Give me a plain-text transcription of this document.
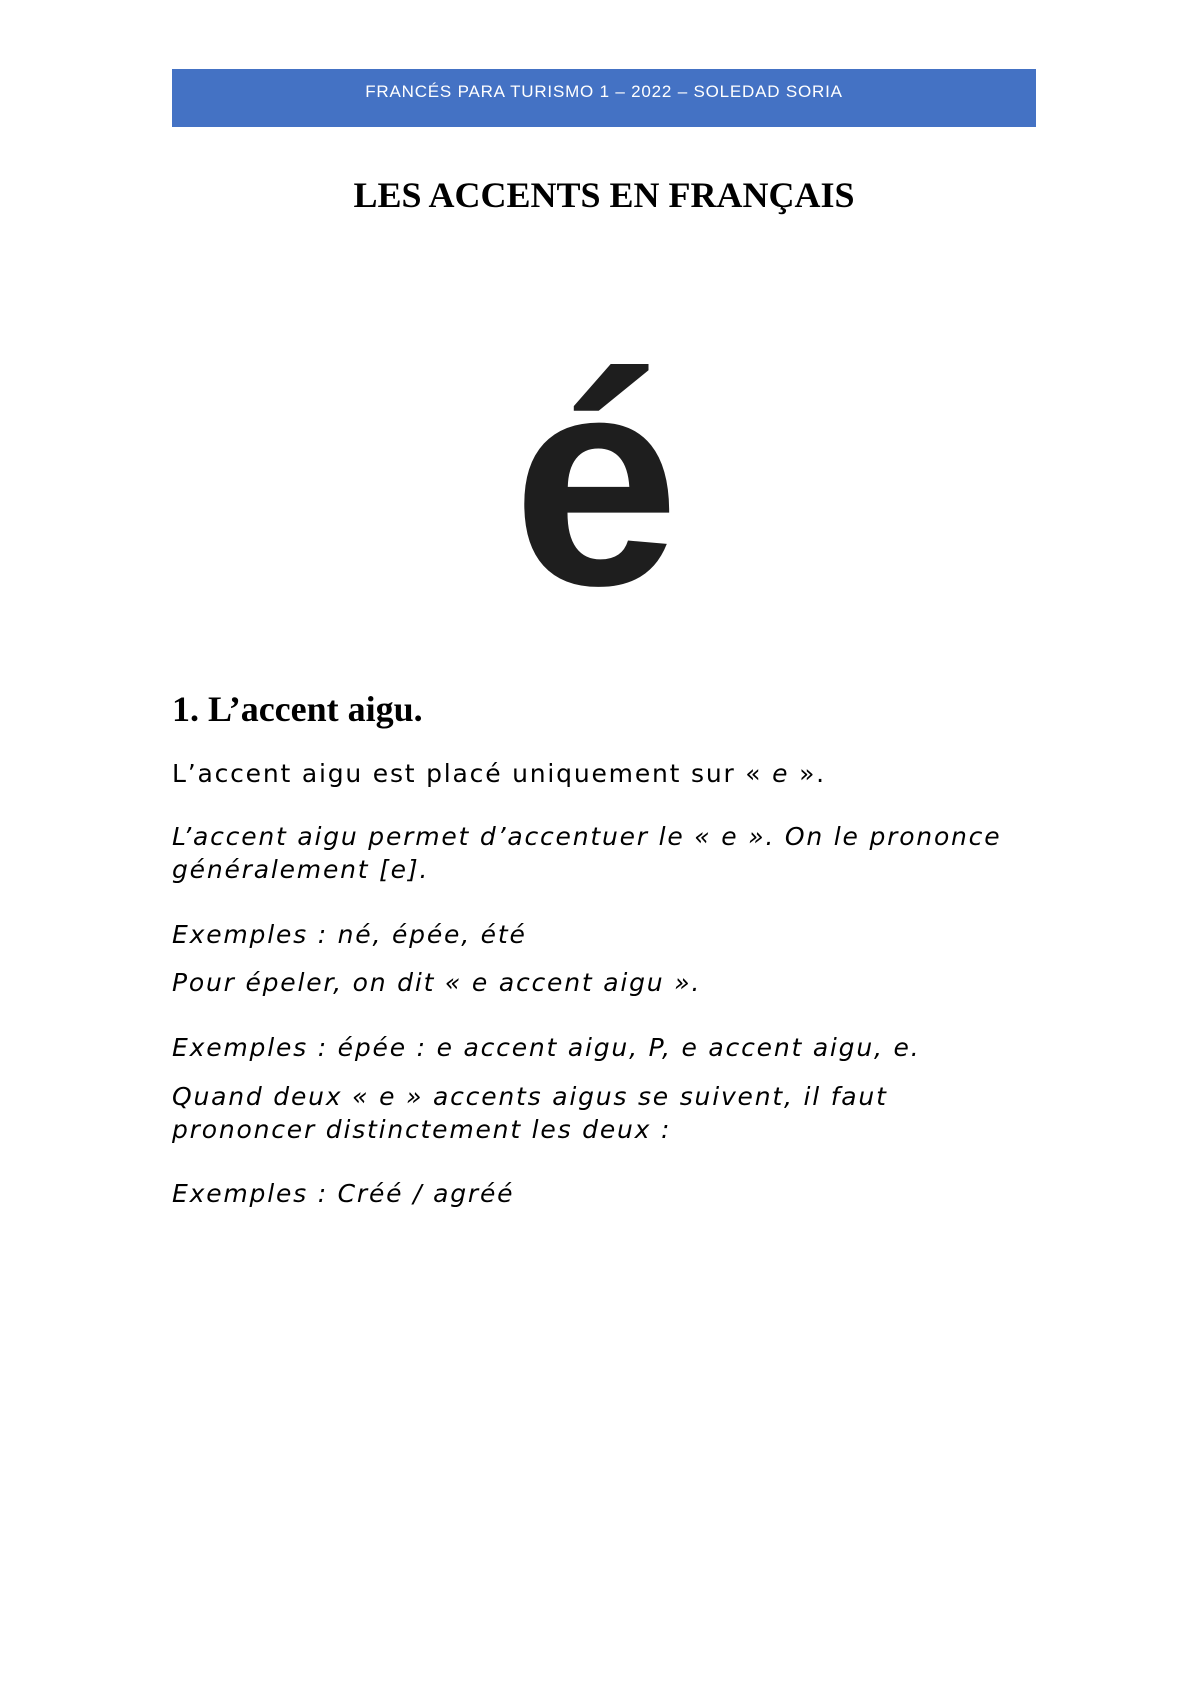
FRANCÉS PARA TURISMO 1 – 2022 – SOLEDAD SORIA
LES ACCENTS EN FRANÇAIS
é
1. L’accent aigu.
L’accent aigu est placé uniquement sur « e ».
L’accent aigu permet d’accentuer le « e ». On le prononce
généralement [e].
Exemples : né, épée, été
Pour épeler, on dit « e accent aigu ».
Exemples : épée : e accent aigu, P, e accent aigu, e.
Quand deux « e » accents aigus se suivent, il faut
prononcer distinctement les deux :
Exemples : Créé / agréé
